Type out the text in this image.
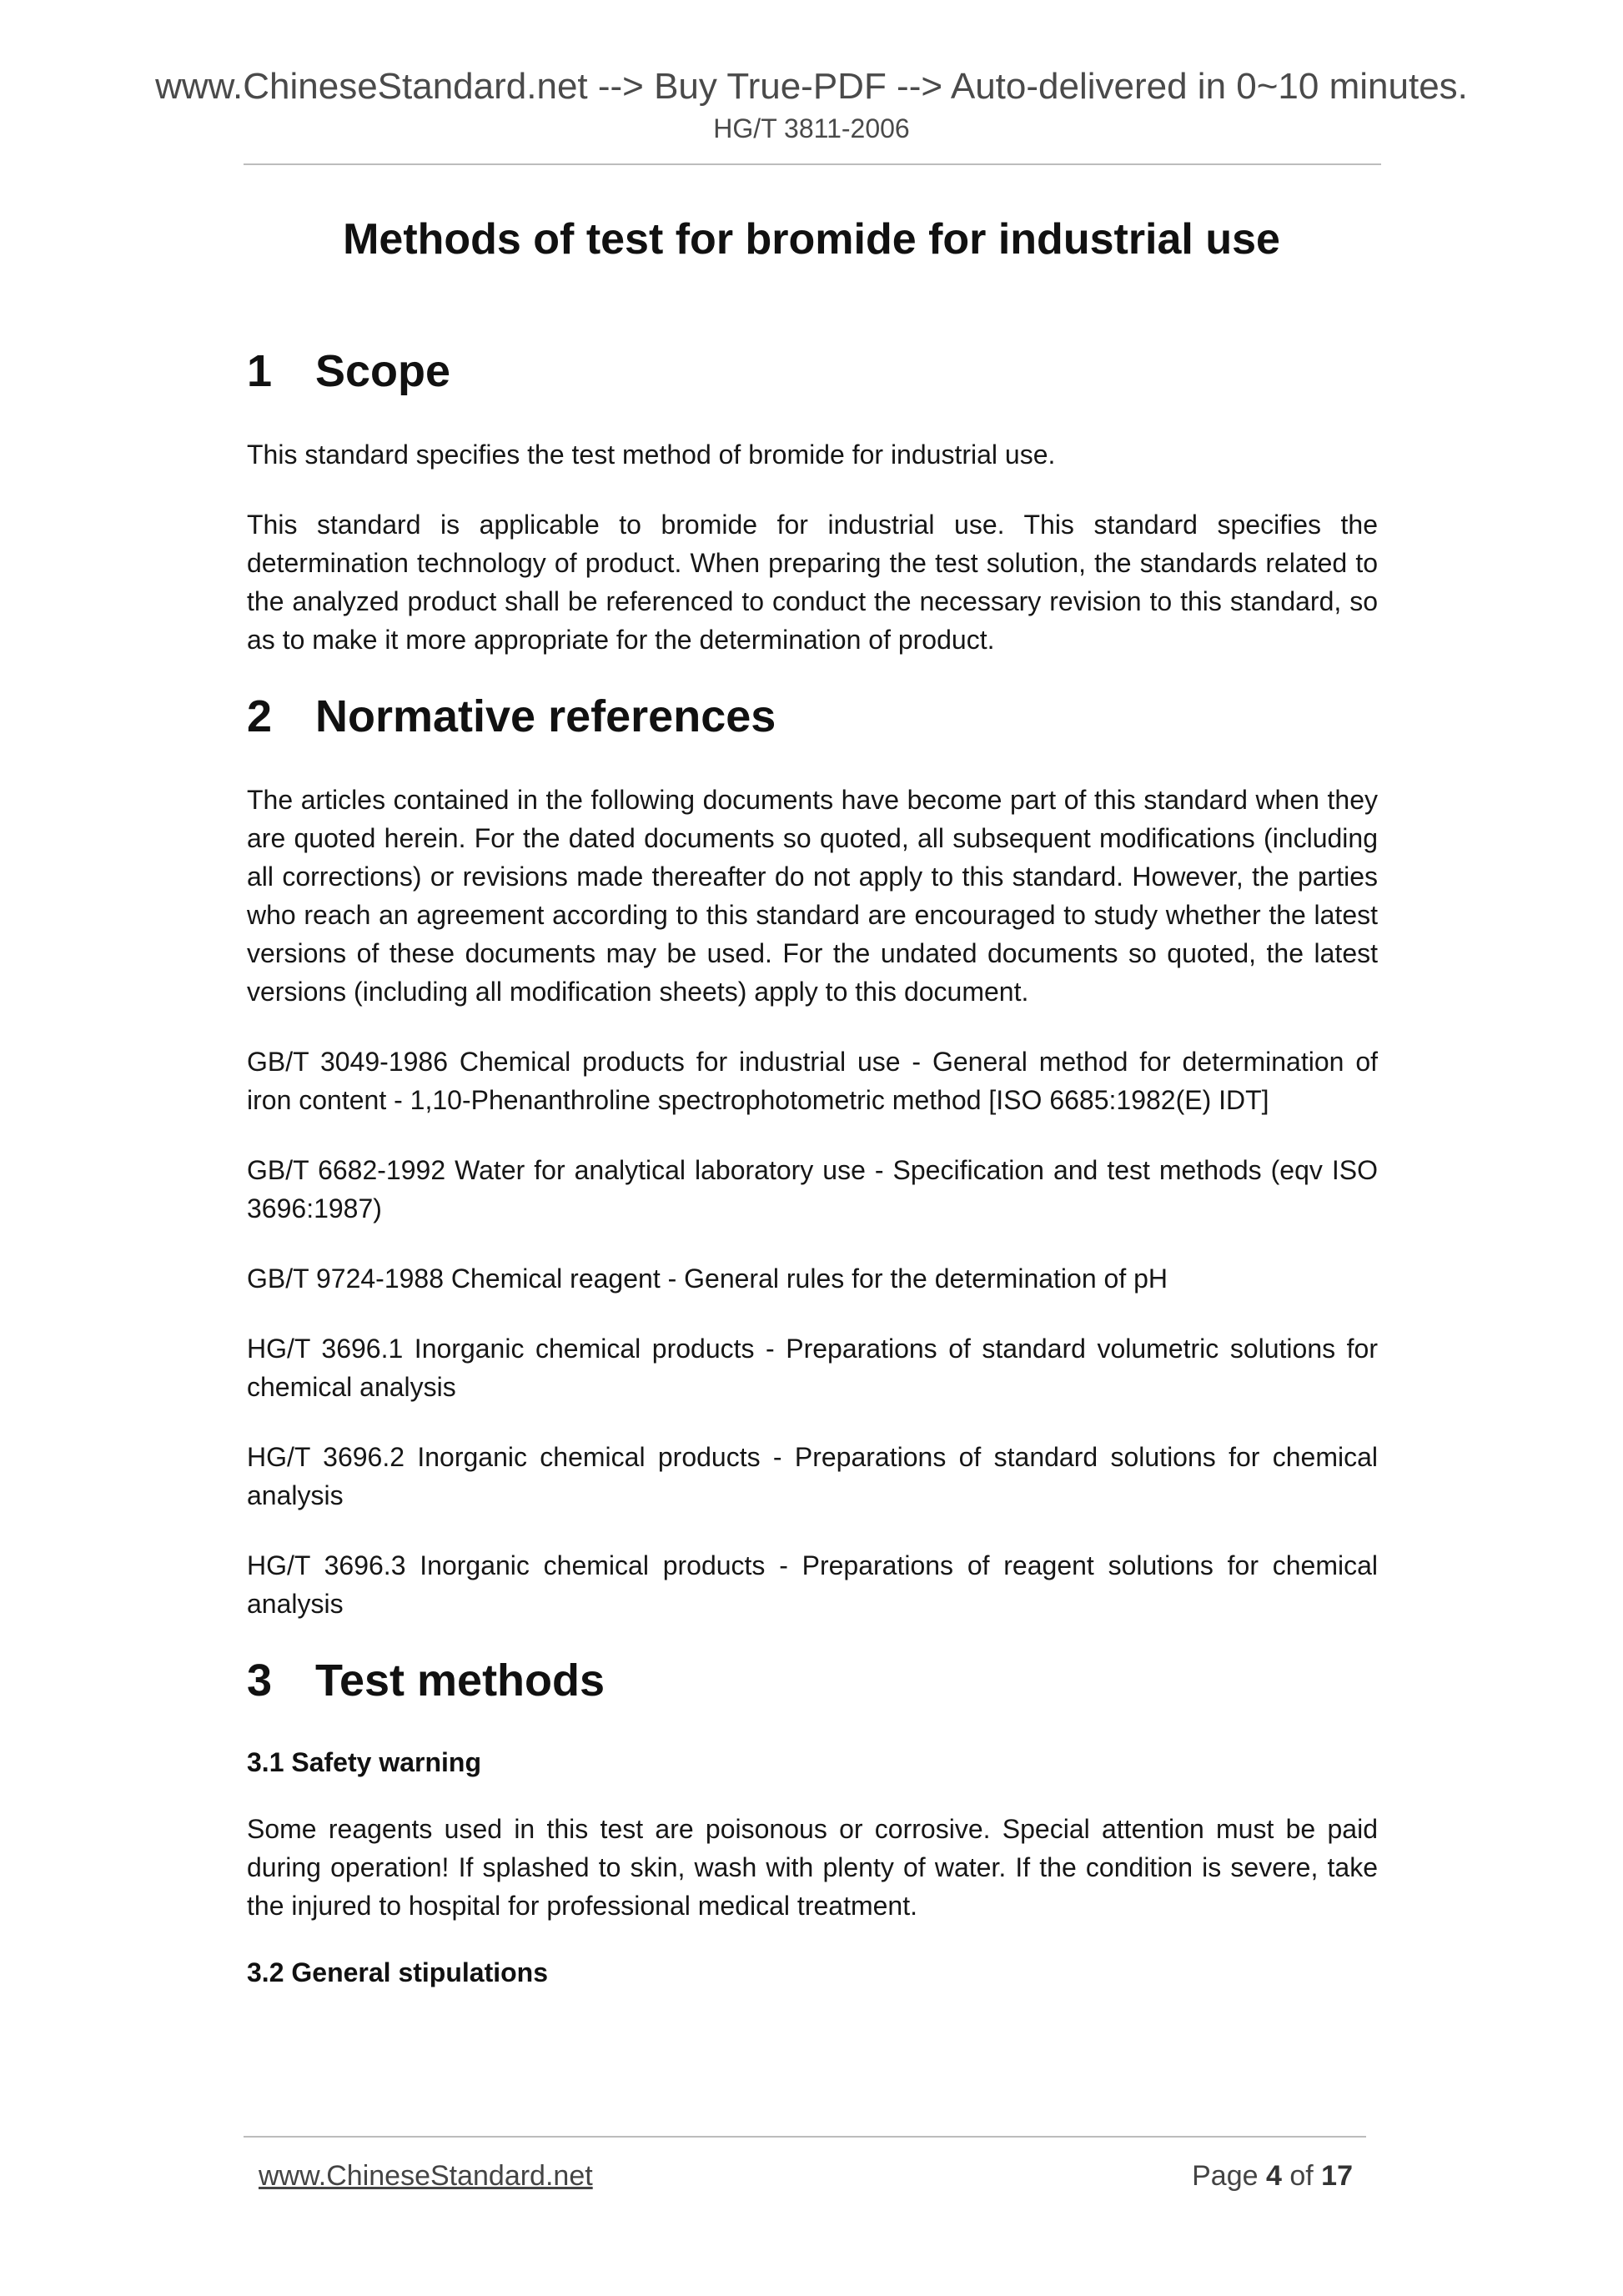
www.ChineseStandard.net --> Buy True-PDF --> Auto-delivered in 0~10 minutes.
HG/T 3811-2006
Methods of test for bromide for industrial use
1 Scope

This standard specifies the test method of bromide for industrial use.

This standard is applicable to bromide for industrial use. This standard specifies the determination technology of product. When preparing the test solution, the standards related to the analyzed product shall be referenced to conduct the necessary revision to this standard, so as to make it more appropriate for the determination of product.

2 Normative references

The articles contained in the following documents have become part of this standard when they are quoted herein. For the dated documents so quoted, all subsequent modifications (including all corrections) or revisions made thereafter do not apply to this standard. However, the parties who reach an agreement according to this standard are encouraged to study whether the latest versions of these documents may be used. For the undated documents so quoted, the latest versions (including all modification sheets) apply to this document.

GB/T 3049-1986 Chemical products for industrial use - General method for determination of iron content - 1,10-Phenanthroline spectrophotometric method [ISO 6685:1982(E) IDT]

GB/T 6682-1992 Water for analytical laboratory use - Specification and test methods (eqv ISO 3696:1987)

GB/T 9724-1988 Chemical reagent - General rules for the determination of pH

HG/T 3696.1 Inorganic chemical products - Preparations of standard volumetric solutions for chemical analysis

HG/T 3696.2 Inorganic chemical products - Preparations of standard solutions for chemical analysis

HG/T 3696.3 Inorganic chemical products - Preparations of reagent solutions for chemical analysis

3 Test methods
3.1 Safety warning

Some reagents used in this test are poisonous or corrosive. Special attention must be paid during operation! If splashed to skin, wash with plenty of water. If the condition is severe, take the injured to hospital for professional medical treatment.

3.2 General stipulations
www.ChineseStandard.net	Page 4 of 17
